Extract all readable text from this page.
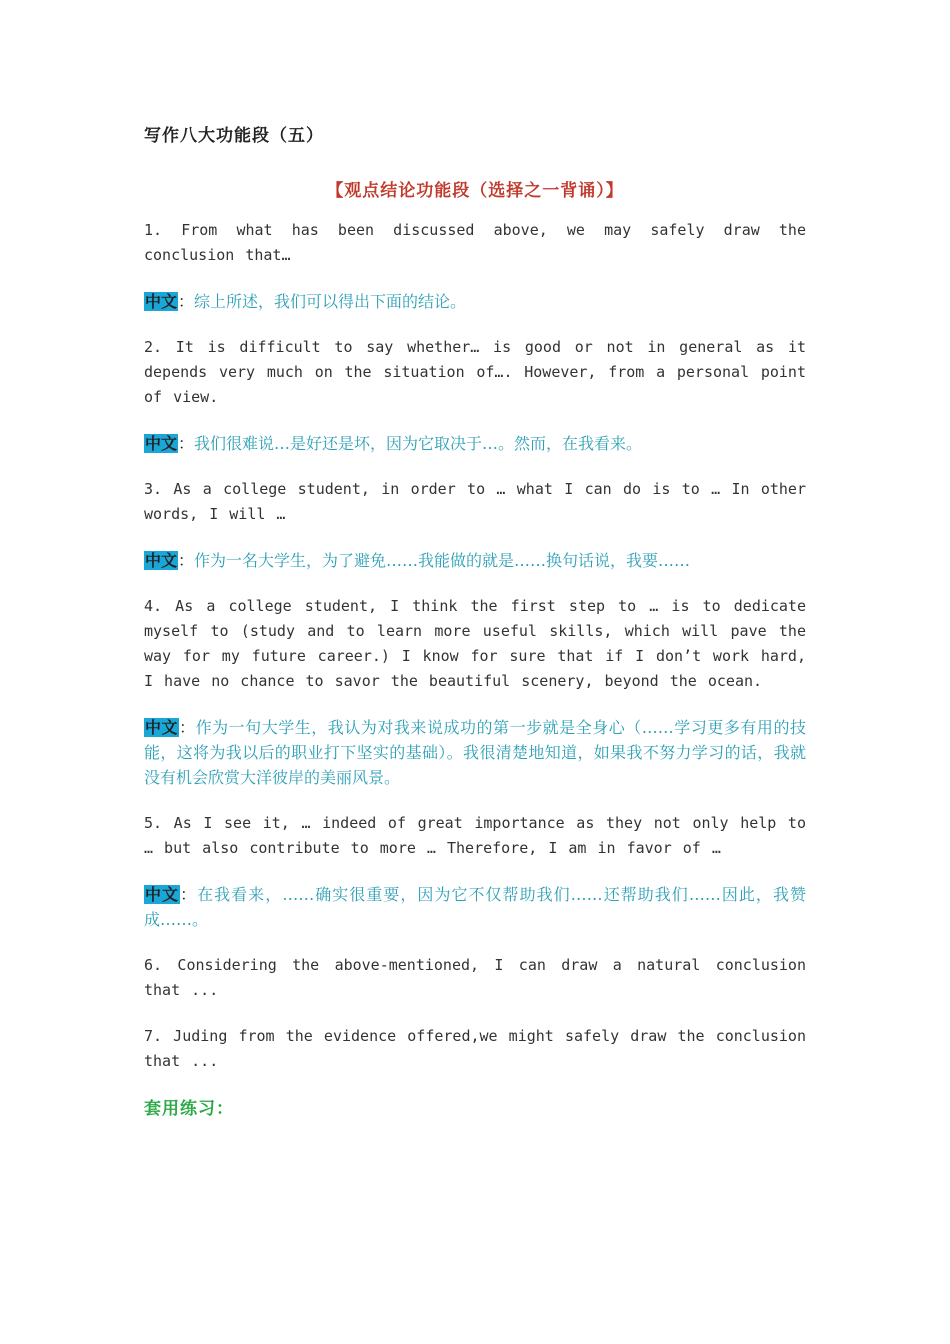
写作八大功能段（五）
【观点结论功能段（选择之一背诵）】

1. From what has been discussed above, we may safely draw the conclusion that…

中文：综上所述，我们可以得出下面的结论。

2. It is difficult to say whether… is good or not in general as it depends very much on the situation of…. However, from a personal point of view.

中文：我们很难说…是好还是坏，因为它取决于…。然而，在我看来。

3. As a college student, in order to … what I can do is to … In other words, I will …

中文：作为一名大学生，为了避免……我能做的就是……换句话说，我要……

4. As a college student, I think the first step to … is to dedicate myself to (study and to learn more useful skills, which will pave the way for my future career.) I know for sure that if I don’t work hard, I have no chance to savor the beautiful scenery, beyond the ocean.

中文：作为一句大学生，我认为对我来说成功的第一步就是全身心（……学习更多有用的技能，这将为我以后的职业打下坚实的基础）。我很清楚地知道，如果我不努力学习的话，我就没有机会欣赏大洋彼岸的美丽风景。

5. As I see it, … indeed of great importance as they not only help to … but also contribute to more … Therefore, I am in favor of …

中文：在我看来，……确实很重要，因为它不仅帮助我们……还帮助我们……因此，我赞成……。

6. Considering the above-mentioned, I can draw a natural conclusion that ...

7. Juding from the evidence offered,we might safely draw the conclusion that ...

套用练习：
